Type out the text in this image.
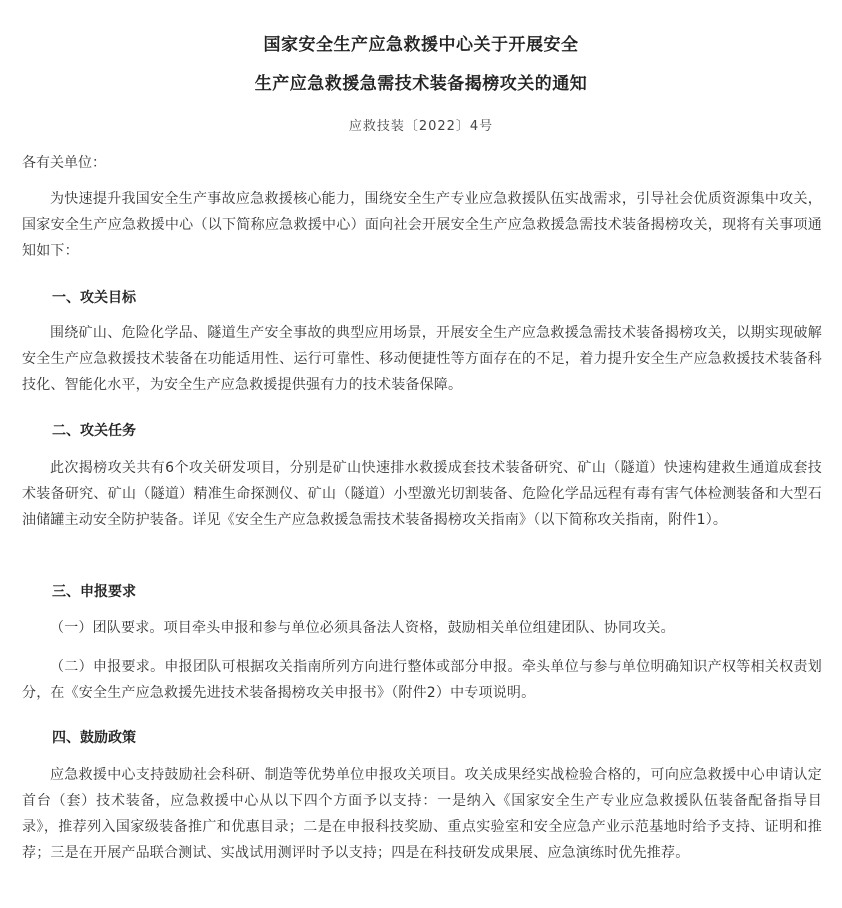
国家安全生产应急救援中心关于开展安全
生产应急救援急需技术装备揭榜攻关的通知
应救技装〔2022〕4号
各有关单位：
为快速提升我国安全生产事故应急救援核心能力，围绕安全生产专业应急救援队伍实战需求，引导社会优质资源集中攻关，国家安全生产应急救援中心（以下简称应急救援中心）面向社会开展安全生产应急救援急需技术装备揭榜攻关，现将有关事项通知如下：
一、攻关目标
围绕矿山、危险化学品、隧道生产安全事故的典型应用场景，开展安全生产应急救援急需技术装备揭榜攻关，以期实现破解安全生产应急救援技术装备在功能适用性、运行可靠性、移动便捷性等方面存在的不足，着力提升安全生产应急救援技术装备科技化、智能化水平，为安全生产应急救援提供强有力的技术装备保障。
二、攻关任务
此次揭榜攻关共有6个攻关研发项目，分别是矿山快速排水救援成套技术装备研究、矿山（隧道）快速构建救生通道成套技术装备研究、矿山（隧道）精准生命探测仪、矿山（隧道）小型激光切割装备、危险化学品远程有毒有害气体检测装备和大型石油储罐主动安全防护装备。详见《安全生产应急救援急需技术装备揭榜攻关指南》（以下简称攻关指南，附件1）。
三、申报要求
（一）团队要求。项目牵头申报和参与单位必须具备法人资格，鼓励相关单位组建团队、协同攻关。
（二）申报要求。申报团队可根据攻关指南所列方向进行整体或部分申报。牵头单位与参与单位明确知识产权等相关权责划分，在《安全生产应急救援先进技术装备揭榜攻关申报书》（附件2）中专项说明。
四、鼓励政策
应急救援中心支持鼓励社会科研、制造等优势单位申报攻关项目。攻关成果经实战检验合格的，可向应急救援中心申请认定首台（套）技术装备，应急救援中心从以下四个方面予以支持：一是纳入《国家安全生产专业应急救援队伍装备配备指导目录》，推荐列入国家级装备推广和优惠目录；二是在申报科技奖励、重点实验室和安全应急产业示范基地时给予支持、证明和推荐；三是在开展产品联合测试、实战试用测评时予以支持；四是在科技研发成果展、应急演练时优先推荐。
